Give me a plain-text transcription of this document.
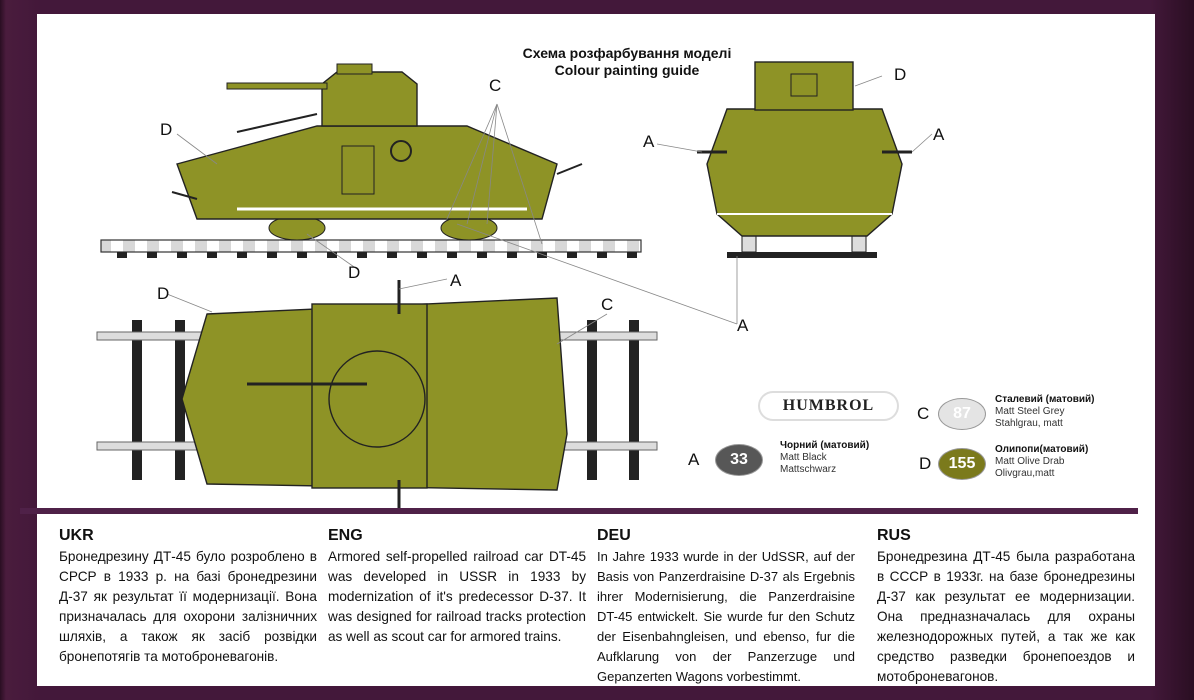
Схема розфарбування моделі
Colour painting guide
C
D
D	A
D
C
A
A	A
D
HUMBROL	C	87
Сталевий (матовий)
Matt Steel Grey
Stahlgrau, matt
A	33
Чорний (матовий)
Matt Black
Mattschwarz	D	155
Олипопи(матовий)
Matt Olive Drab
Olivgrau,matt
UKR

Бронедрезину ДТ-45 було розроблено в СРСР в 1933 р. на базі бронедрезини Д-37 як результат її модернизації. Вона призначалась для охорони залізничних шляхів, а також як засіб розвідки бронепотягів та мотоброневагонів.

ENG

Armored self-propelled railroad car DT-45 was developed in USSR in 1933 by modernization of it's predecessor D-37. It was designed for railroad tracks protection as well as scout car for armored trains.

DEU

In Jahre 1933 wurde in der UdSSR, auf der Basis von Panzerdraisine D-37 als Ergebnis ihrer Modernisierung, die Panzerdraisine DT-45 entwickelt. Sie wurde fur den Schutz der Eisenbahngleisen, und ebenso, fur die Aufklarung von der Panzerzuge und Gepanzerten Wagons vorbestimmt.

RUS

Бронедрезина ДТ-45 была разработана в СССР в 1933г. на базе бронедрезины Д-37 как результат ее модернизации. Она предназначалась для охраны железнодорожных путей, а так же как средство разведки бронепоездов и мотоброневагонов.
